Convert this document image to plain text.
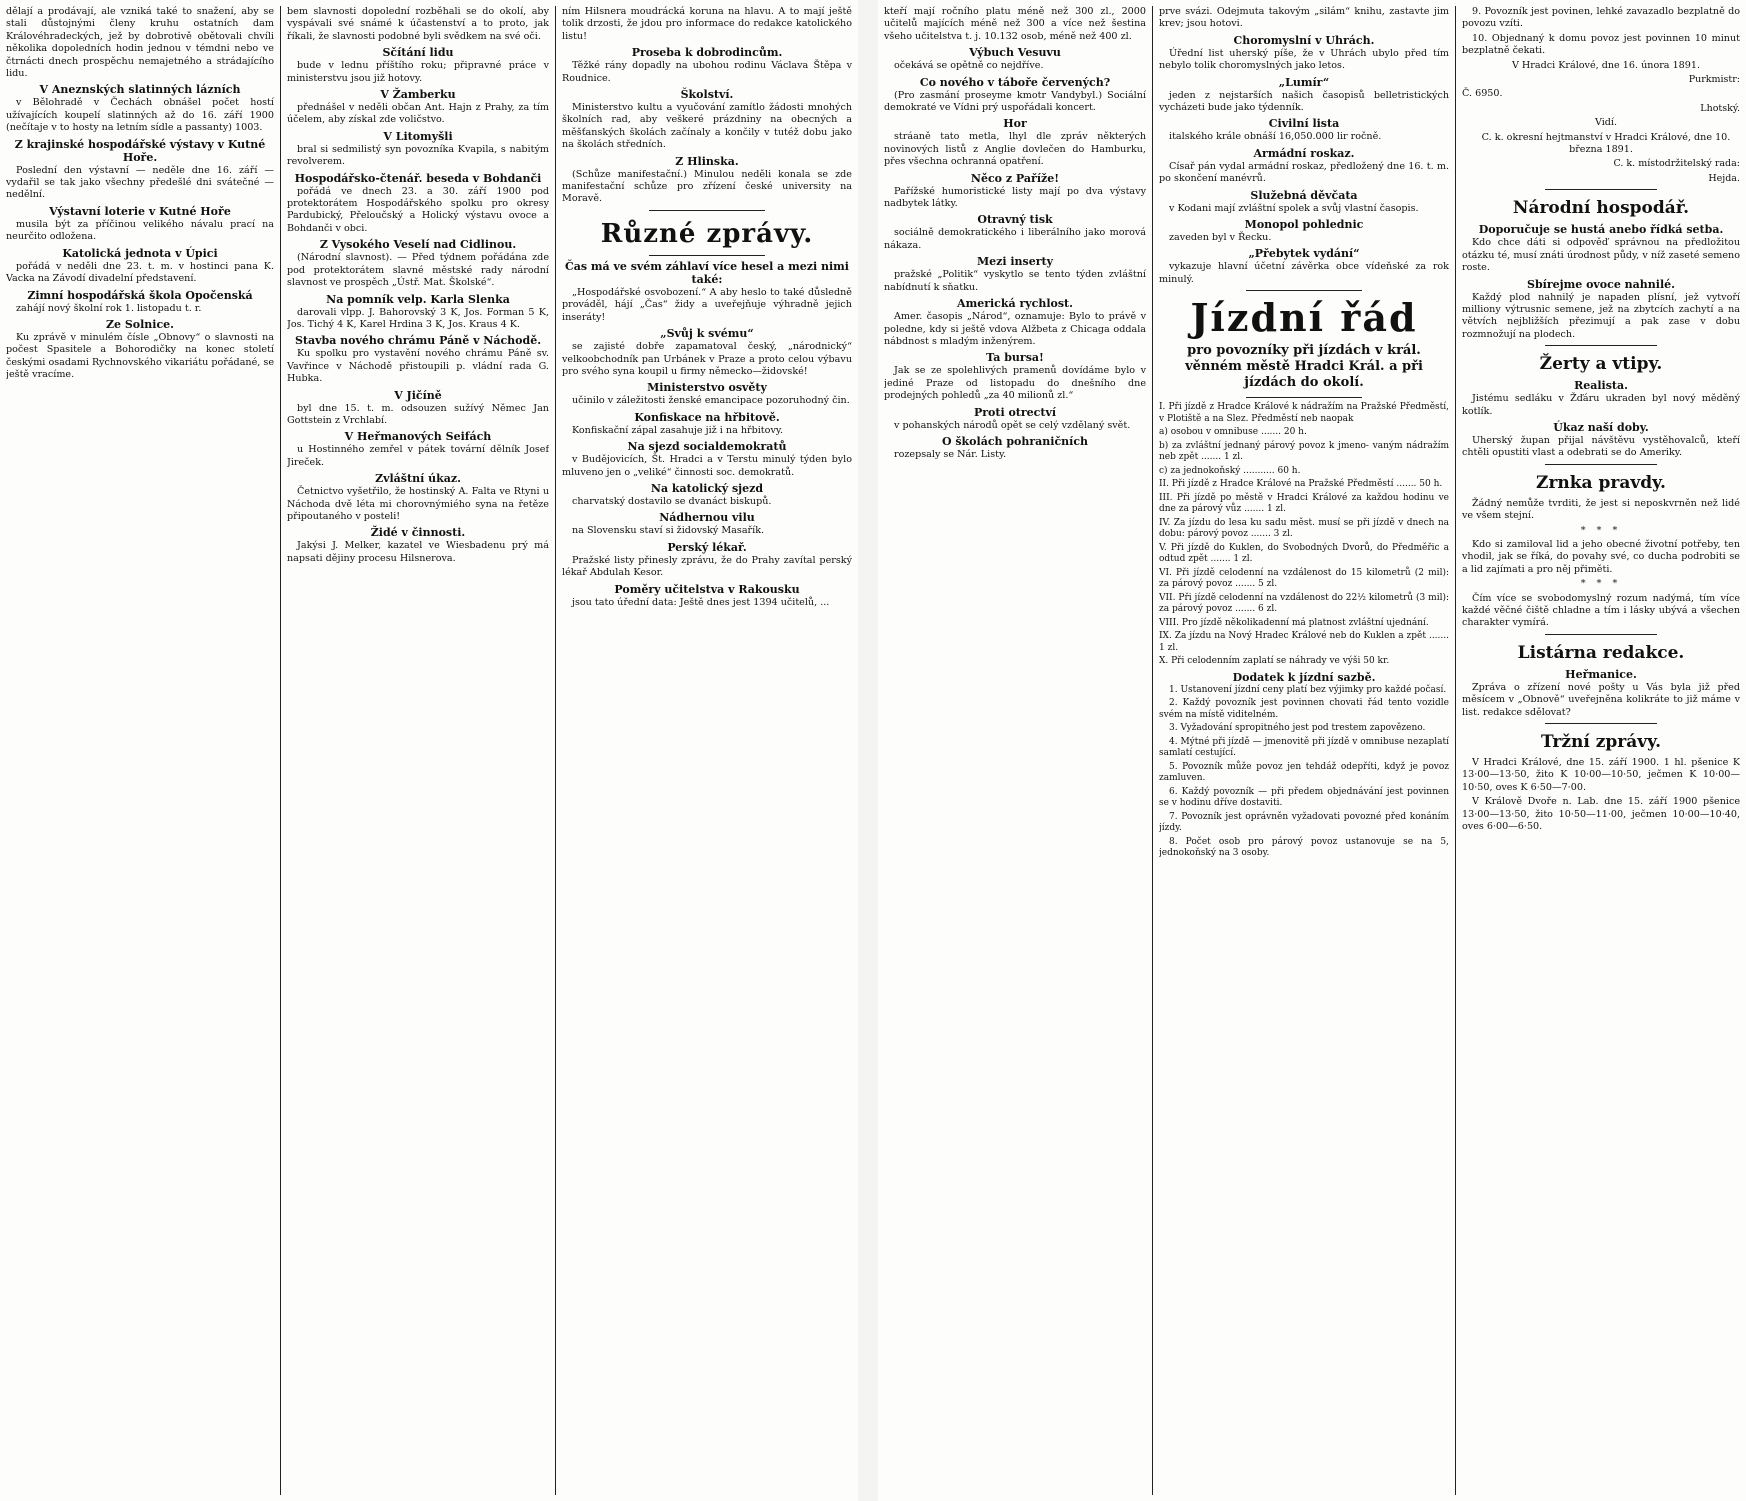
dělají a prodávají, ale vzniká také to snažení, aby se stali důstojnými členy kruhu ostatních dam Královéhradeckých, jež by dobrotivě obětovali chvíli několika dopoledních hodin jednou v témdni nebo ve čtrnácti dnech prospěchu nemajetného a strádajícího lidu.

V Aneznských slatinných lázních

v Bělohradě v Čechách obnášel počet hostí užívajících koupelí slatinných až do 16. září 1900 (nečítaje v to hosty na letním sídle a passanty) 1003.

Z krajinské hospodářské výstavy v Kutné Hoře.

Poslední den výstavní — neděle dne 16. září — vydařil se tak jako všechny předešlé dni svátečné — nedělní.

Výstavní loterie v Kutné Hoře

musila být za příčinou velikého návalu prací na neurčito odložena.

Katolická jednota v Úpici

pořádá v neděli dne 23. t. m. v hostinci pana K. Vacka na Závodí divadelní představení.

Zimní hospodářská škola Opočenská

zahájí nový školní rok 1. listopadu t. r.

Ze Solnice.

Ku zprávě v minulém čísle „Obnovy“ o slavnosti na počest Spasitele a Bohorodičky na konec století českými osadami Rychnovského vikariátu pořádané, se ještě vracíme.

bem slavnosti dopolední rozběhali se do okolí, aby vyspávali své snámé k účastenství a to proto, jak říkali, že slavnosti podobné byli svědkem na své oči.

Sčítání lidu

bude v lednu příštího roku; připravné práce v ministerstvu jsou již hotovy.

V Žamberku

přednášel v neděli občan Ant. Hajn z Prahy, za tím účelem, aby získal zde voličstvo.

V Litomyšli

bral si sedmilistý syn povozníka Kvapila, s nabitým revolverem.

Hospodářsko-čtenář. beseda v Bohdanči

pořádá ve dnech 23. a 30. září 1900 pod protektorátem Hospodářského spolku pro okresy Pardubický, Přeloučský a Holický výstavu ovoce a Bohdanči v obci.

Z Vysokého Veselí nad Cidlinou.

(Národní slavnost). — Před týdnem pořádána zde pod protektorátem slavné městské rady národní slavnost ve prospěch „Ústř. Mat. Školské“.

Na pomník velp. Karla Slenka

darovali vlpp. J. Bahorovský 3 K, Jos. Forman 5 K, Jos. Tichý 4 K, Karel Hrdina 3 K, Jos. Kraus 4 K.

Stavba nového chrámu Páně v Náchodě.

Ku spolku pro vystavění nového chrámu Páně sv. Vavřince v Náchodě přistoupili p. vládní rada G. Hubka.

V Jičíně

byl dne 15. t. m. odsouzen sužívý Němec Jan Gottstein z Vrchlabí.

V Heřmanových Seifách

u Hostinného zemřel v pátek tovární dělník Josef Jireček.

Zvláštní úkaz.

Četnictvo vyšetřilo, že hostinský A. Falta ve Rtyni u Náchoda dvě léta mi chorovnýmiého syna na řetěze připoutaného v posteli!

Židé v činnosti.

Jakýsi J. Melker, kazatel ve Wiesbadenu prý má napsati dějiny procesu Hilsnerova.

ním Hilsnera moudrácká koruna na hlavu. A to mají ještě tolik drzosti, že jdou pro informace do redakce katolického listu!

Proseba k dobrodincům.

Těžké rány dopadly na ubohou rodinu Václava Štěpa v Roudnice.

Školství.

Ministerstvo kultu a vyučování zamítlo žádosti mnohých školních rad, aby veškeré prázdniny na obecných a měšťanských školách začínaly a končily v tutéž dobu jako na školách středních.

Z Hlinska.

(Schůze manifestační.) Minulou neděli konala se zde manifestační schůze pro zřízení české university na Moravě.

Různé zprávy.
Čas má ve svém záhlaví více hesel a mezi nimi také:

„Hospodářské osvobození.“ A aby heslo to také důsledně prováděl, hájí „Čas“ židy a uveřejňuje výhradně jejich inseráty!

„Svůj k svému“

se zajisté dobře zapamatoval český, „národnický“ velkoobchodník pan Urbánek v Praze a proto celou výbavu pro svého syna koupil u firmy německo—židovské!

Ministerstvo osvěty

učinilo v záležitosti ženské emancipace pozoruhodný čin.

Konfiskace na hřbitově.

Konfiskační zápal zasahuje již i na hřbitovy.

Na sjezd socialdemokratů

v Budějovicích, Št. Hradci a v Terstu minulý týden bylo mluveno jen o „veliké“ činnosti soc. demokratů.

Na katolický sjezd

charvatský dostavilo se dvanáct biskupů.

Nádhernou vilu

na Slovensku staví si židovský Masařík.

Perský lékař.

Pražské listy přinesly zprávu, že do Prahy zavítal perský lékař Abdulah Kesor.

Poměry učitelstva v Rakousku

jsou tato úřední data: Ještě dnes jest 1394 učitelů, ...

kteří mají ročního platu méně než 300 zl., 2000 učitelů majících méně než 300 a více než šestina všeho učitelstva t. j. 10.132 osob, méně než 400 zl.

Výbuch Vesuvu

očekává se opětně co nejdříve.

Co nového v táboře červených?

(Pro zasmání proseyme kmotr Vandybyl.) Sociální demokraté ve Vídni prý uspořádali koncert.

Hor

stráaně tato metla, lhyl dle zpráv některých novinových listů z Anglie dovlečen do Hamburku, přes všechna ochranná opatření.

Něco z Paříže!

Pařížské humoristické listy mají po dva výstavy nadbytek látky.

Otravný tisk

sociálně demokratického i liberálního jako morová nákaza.

Mezi inserty

pražské „Politik“ vyskytlo se tento týden zvláštní nabídnutí k sňatku.

Americká rychlost.

Amer. časopis „Národ“, oznamuje: Bylo to právě v poledne, kdy si ještě vdova Alžbeta z Chicaga oddala nábdnost s mladým inženýrem.

Ta bursa!

Jak se ze spolehlivých pramenů dovídáme bylo v jediné Praze od listopadu do dnešního dne prodejných pohledů „za 40 milionů zl.“

Proti otrectví

v pohanských národů opět se celý vzdělaný svět.

O školách pohraničních

rozepsaly se Nár. Listy.

prve svázi. Odejmuta takovým „silám“ knihu, zastavte jim krev; jsou hotovi.

Choromyslní v Uhrách.

Úřední list uherský píše, že v Uhrách ubylo před tím nebylo tolik choromyslných jako letos.

„Lumír“

jeden z nejstarších našich časopisů belletristických vycházeti bude jako týdenník.

Civilní lista

italského krále obnáší 16,050.000 lir ročně.

Armádní roskaz.

Císař pán vydal armádní roskaz, předložený dne 16. t. m. po skončení manévrů.

Služebná děvčata

v Kodani mají zvláštní spolek a svůj vlastní časopis.

Monopol pohlednic

zaveden byl v Řecku.

„Přebytek vydání“

vykazuje hlavní účetní závěrka obce vídeňské za rok minulý.

Jízdní řád
pro povozníky při jízdách v král. věnném městě Hradci Král. a při jízdách do okolí.

I. Při jízdě z Hradce Králové k nádražím na Pražské Předměstí, v Plotiště a na Slez. Předměstí neb naopak

a) osobou v omnibuse ....... 20 h.

b) za zvláštní jednaný párový povoz k jmeno- vaným nádražím neb zpět ....... 1 zl.

c) za jednokoňský ........... 60 h.

II. Při jízdě z Hradce Králové na Pražské Předměstí ....... 50 h.

III. Při jízdě po městě v Hradci Králové za každou hodinu ve dne za párový vůz ....... 1 zl.

IV. Za jízdu do lesa ku sadu měst. musí se při jízdě v dnech na dobu: párový povoz ....... 3 zl.

V. Při jízdě do Kuklen, do Svobodných Dvorů, do Předměřic a odtud zpět ....... 1 zl.

VI. Při jízdě celodenní na vzdálenost do 15 kilometrů (2 mil): za párový povoz ....... 5 zl.

VII. Při jízdě celodenní na vzdálenost do 22½ kilometrů (3 mil): za párový povoz ....... 6 zl.

VIII. Pro jízdě několikadenní má platnost zvláštní ujednání.

IX. Za jízdu na Nový Hradec Králové neb do Kuklen a zpět ....... 1 zl.

X. Při celodenním zaplatí se náhrady ve výši 50 kr.

Dodatek k jízdní sazbě.

1. Ustanovení jízdní ceny platí bez výjimky pro každé počasí.

2. Každý povozník jest povinnen chovati řád tento vozidle svém na místě viditelném.

3. Vyžadování spropitného jest pod trestem zapovězeno.

4. Mýtné při jízdě — jmenovitě při jízdě v omnibuse nezaplatí samlatí cestující.

5. Povozník může povoz jen tehdáž odepříti, když je povoz zamluven.

6. Každý povozník — při předem objednávání jest povinnen se v hodinu dříve dostaviti.

7. Povozník jest oprávněn vyžadovati povozné před konáním jízdy.

8. Počet osob pro párový povoz ustanovuje se na 5, jednokoňský na 3 osoby.

9. Povozník jest povinen, lehké zavazadlo bezplatně do povozu vzíti.

10. Objednaný k domu povoz jest povinnen 10 minut bezplatně čekati.

V Hradci Králové, dne 16. února 1891.

Purkmistr:

Č. 6950.

Lhotský.

Vidí.

C. k. okresní hejtmanství v Hradci Králové, dne 10. března 1891.

C. k. místodržitelský rada:

Hejda.

Národní hospodář.
Doporučuje se hustá anebo řídká setba.

Kdo chce dáti si odpověď správnou na předložitou otázku té, musí znáti úrodnost půdy, v níž zaseté semeno roste.

Sbírejme ovoce nahnilé.

Každý plod nahnilý je napaden plísní, jež vytvoří milliony výtrusnic semene, jež na zbytcích zachytí a na větvích nejbližších přezimují a pak zase v dobu rozmnožují na plodech.

Žerty a vtipy.
Realista.

Jistému sedláku v Žďáru ukraden byl nový měděný kotlík.

Úkaz naší doby.

Uherský župan přijal návštěvu vystěhovalců, kteří chtěli opustiti vlast a odebrati se do Ameriky.

Zrnka pravdy.

Žádný nemůže tvrditi, že jest si neposkvrněn než lidé ve všem stejní.

* * *

Kdo si zamiloval lid a jeho obecné životní potřeby, ten vhodil, jak se říká, do povahy své, co ducha podrobiti se a lid zajímati a pro něj přiměti.

* * *

Čím více se svobodomyslný rozum nadýmá, tím více každé věčné čiště chladne a tím i lásky ubývá a všechen charakter vymírá.

Listárna redakce.
Heřmanice.

Zpráva o zřízení nové pošty u Vás byla již před měsícem v „Obnově“ uveřejněna kolikráte to již máme v list. redakce sdělovat?

Tržní zprávy.

V Hradci Králové, dne 15. září 1900. 1 hl. pšenice K 13·00—13·50, žito K 10·00—10·50, ječmen K 10·00—10·50, oves K 6·50—7·00.

V Králově Dvoře n. Lab. dne 15. září 1900 pšenice 13·00—13·50, žito 10·50—11·00, ječmen 10·00—10·40, oves 6·00—6·50.
